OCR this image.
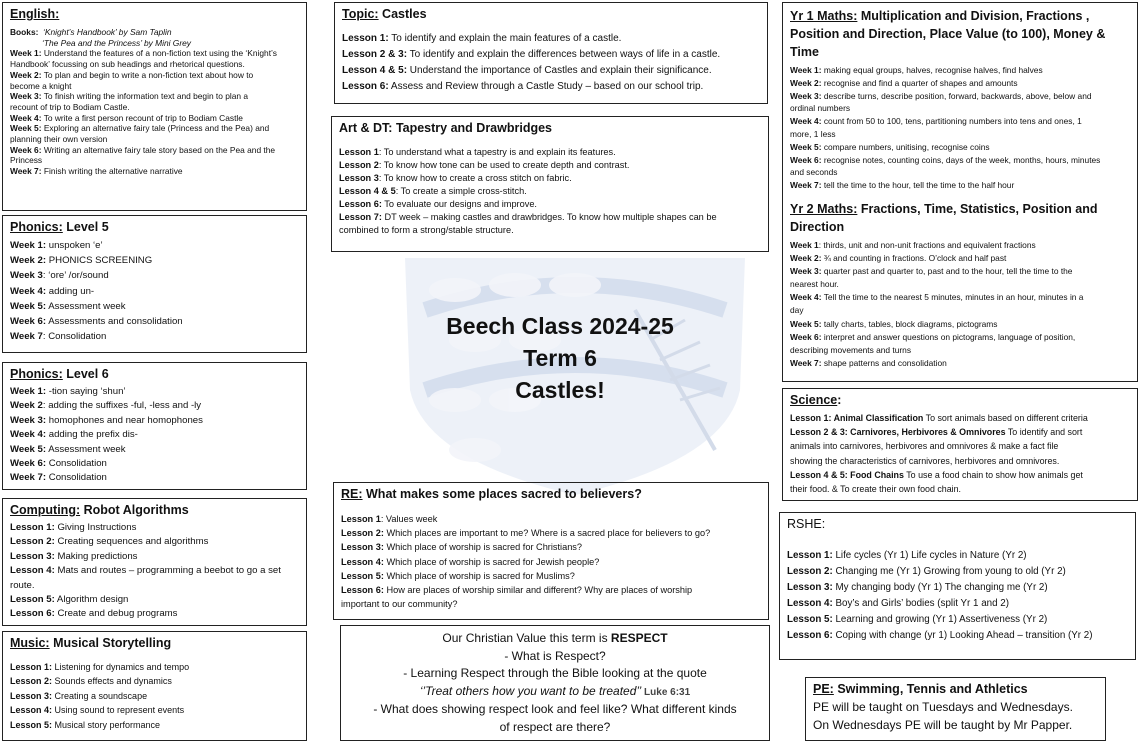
Beech Class 2024-25
Term 6
Castles!
English:

Books: ‘Knight’s Handbook’ by Sam Taplin

‘The Pea and the Princess’ by Mini Grey

Week 1: Understand the features of a non-fiction text using the ‘Knight’s

Handbook’ focussing on sub headings and rhetorical questions.

Week 2: To plan and begin to write a non-fiction text about how to

become a knight

Week 3: To finish writing the information text and begin to plan a

recount of trip to Bodiam Castle.

Week 4: To write a first person recount of trip to Bodiam Castle

Week 5: Exploring an alternative fairy tale (Princess and the Pea) and

planning their own version

Week 6: Writing an alternative fairy tale story based on the Pea and the

Princess

Week 7: Finish writing the alternative narrative

Phonics: Level 5

Week 1: unspoken ‘e’

Week 2: PHONICS SCREENING

Week 3: ‘ore’ /or/sound

Week 4: adding un-

Week 5: Assessment week

Week 6: Assessments and consolidation

Week 7: Consolidation

Phonics: Level 6

Week 1: -tion saying ‘shun’

Week 2: adding the suffixes -ful, -less and -ly

Week 3: homophones and near homophones

Week 4: adding the prefix dis-

Week 5: Assessment week

Week 6: Consolidation

Week 7: Consolidation

Computing: Robot Algorithms

Lesson 1: Giving Instructions

Lesson 2: Creating sequences and algorithms

Lesson 3: Making predictions

Lesson 4: Mats and routes – programming a beebot to go a set

route.

Lesson 5: Algorithm design

Lesson 6: Create and debug programs

Music: Musical Storytelling

Lesson 1: Listening for dynamics and tempo

Lesson 2: Sounds effects and dynamics

Lesson 3: Creating a soundscape

Lesson 4: Using sound to represent events

Lesson 5: Musical story performance

Topic: Castles

Lesson 1: To identify and explain the main features of a castle.

Lesson 2 & 3: To identify and explain the differences between ways of life in a castle.

Lesson 4 & 5: Understand the importance of Castles and explain their significance.

Lesson 6: Assess and Review through a Castle Study – based on our school trip.

Art & DT: Tapestry and Drawbridges

Lesson 1: To understand what a tapestry is and explain its features.

Lesson 2: To know how tone can be used to create depth and contrast.

Lesson 3: To know how to create a cross stitch on fabric.

Lesson 4 & 5: To create a simple cross-stitch.

Lesson 6: To evaluate our designs and improve.

Lesson 7: DT week – making castles and drawbridges. To know how multiple shapes can be

combined to form a strong/stable structure.

RE: What makes some places sacred to believers?

Lesson 1: Values week

Lesson 2: Which places are important to me? Where is a sacred place for believers to go?

Lesson 3: Which place of worship is sacred for Christians?

Lesson 4: Which place of worship is sacred for Jewish people?

Lesson 5: Which place of worship is sacred for Muslims?

Lesson 6: How are places of worship similar and different? Why are places of worship

important to our community?

Our Christian Value this term is RESPECT
- What is Respect?
- Learning Respect through the Bible looking at the quote
‘’Treat others how you want to be treated’’ Luke 6:31
- What does showing respect look and feel like? What different kinds
of respect are there?
Yr 1 Maths: Multiplication and Division, Fractions ,
Position and Direction, Place Value (to 100), Money &
Time

Week 1: making equal groups, halves, recognise halves, find halves

Week 2: recognise and find a quarter of shapes and amounts

Week 3: describe turns, describe position, forward, backwards, above, below and

ordinal numbers

Week 4: count from 50 to 100, tens, partitioning numbers into tens and ones, 1

more, 1 less

Week 5: compare numbers, unitising, recognise coins

Week 6: recognise notes, counting coins, days of the week, months, hours, minutes

and seconds

Week 7: tell the time to the hour, tell the time to the half hour

Yr 2 Maths: Fractions, Time, Statistics, Position and
Direction

Week 1: thirds, unit and non-unit fractions and equivalent fractions

Week 2: ¾ and counting in fractions. O’clock and half past

Week 3: quarter past and quarter to, past and to the hour, tell the time to the

nearest hour.

Week 4: Tell the time to the nearest 5 minutes, minutes in an hour, minutes in a

day

Week 5: tally charts, tables, block diagrams, pictograms

Week 6: interpret and answer questions on pictograms, language of position,

describing movements and turns

Week 7: shape patterns and consolidation

Science:

Lesson 1: Animal Classification To sort animals based on different criteria

Lesson 2 & 3: Carnivores, Herbivores & Omnivores To identify and sort

animals into carnivores, herbivores and omnivores & make a fact file

showing the characteristics of carnivores, herbivores and omnivores.

Lesson 4 & 5: Food Chains To use a food chain to show how animals get

their food. & To create their own food chain.

RSHE:

Lesson 1: Life cycles (Yr 1) Life cycles in Nature (Yr 2)

Lesson 2: Changing me (Yr 1) Growing from young to old (Yr 2)

Lesson 3: My changing body (Yr 1) The changing me (Yr 2)

Lesson 4: Boy’s and Girls’ bodies (split Yr 1 and 2)

Lesson 5: Learning and growing (Yr 1) Assertiveness (Yr 2)

Lesson 6: Coping with change (yr 1) Looking Ahead – transition (Yr 2)

PE: Swimming, Tennis and Athletics

PE will be taught on Tuesdays and Wednesdays.

On Wednesdays PE will be taught by Mr Papper.
